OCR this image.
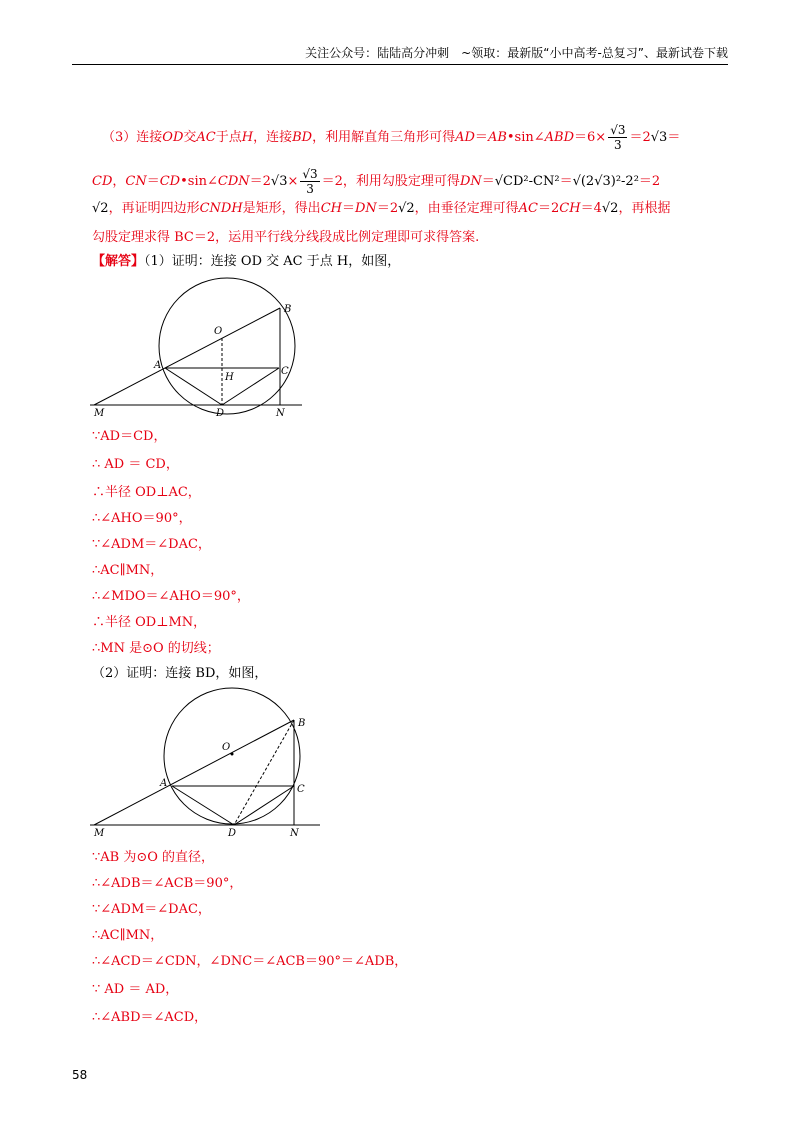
关注公众号：陆陆高分冲刺　~领取：最新版“小中高考-总复习”、最新试卷下载
（3）连接OD交AC于点H，连接BD，利用解直角三角形可得AD＝AB•sin∠ABD＝6× $\frac{√3}{3} =2√3=$
CD，CN＝CD•sin∠CDN＝2√3× $\frac{√3}{3} =2$，利用勾股定理可得DN＝√CD²-CN²＝√(2√3)²-2²＝2
√2，再证明四边形CNDH是矩形，得出CH＝DN＝2√2，由垂径定理可得AC＝2CH＝4√2，再根据
勾股定理求得 BC＝2，运用平行线分线段成比例定理即可求得答案.
【解答】（1）证明：连接 OD 交 AC 于点 H，如图，
B
O
A
H
C
M	D	N
∵AD＝CD，
∴ AD ＝ CD，
∴半径 OD⊥AC，
∴∠AHO＝90°，
∵∠ADM＝∠DAC，
∴AC∥MN，
∴∠MDO＝∠AHO＝90°，
∴半径 OD⊥MN，
∴MN 是⊙O 的切线；
（2）证明：连接 BD，如图，
B
O
A
C
M	D	N
∵AB 为⊙O 的直径，
∴∠ADB＝∠ACB＝90°，
∵∠ADM＝∠DAC，
∴AC∥MN，
∴∠ACD＝∠CDN，∠DNC＝∠ACB＝90°＝∠ADB，
∵ AD ＝ AD，
∴∠ABD＝∠ACD，
58
